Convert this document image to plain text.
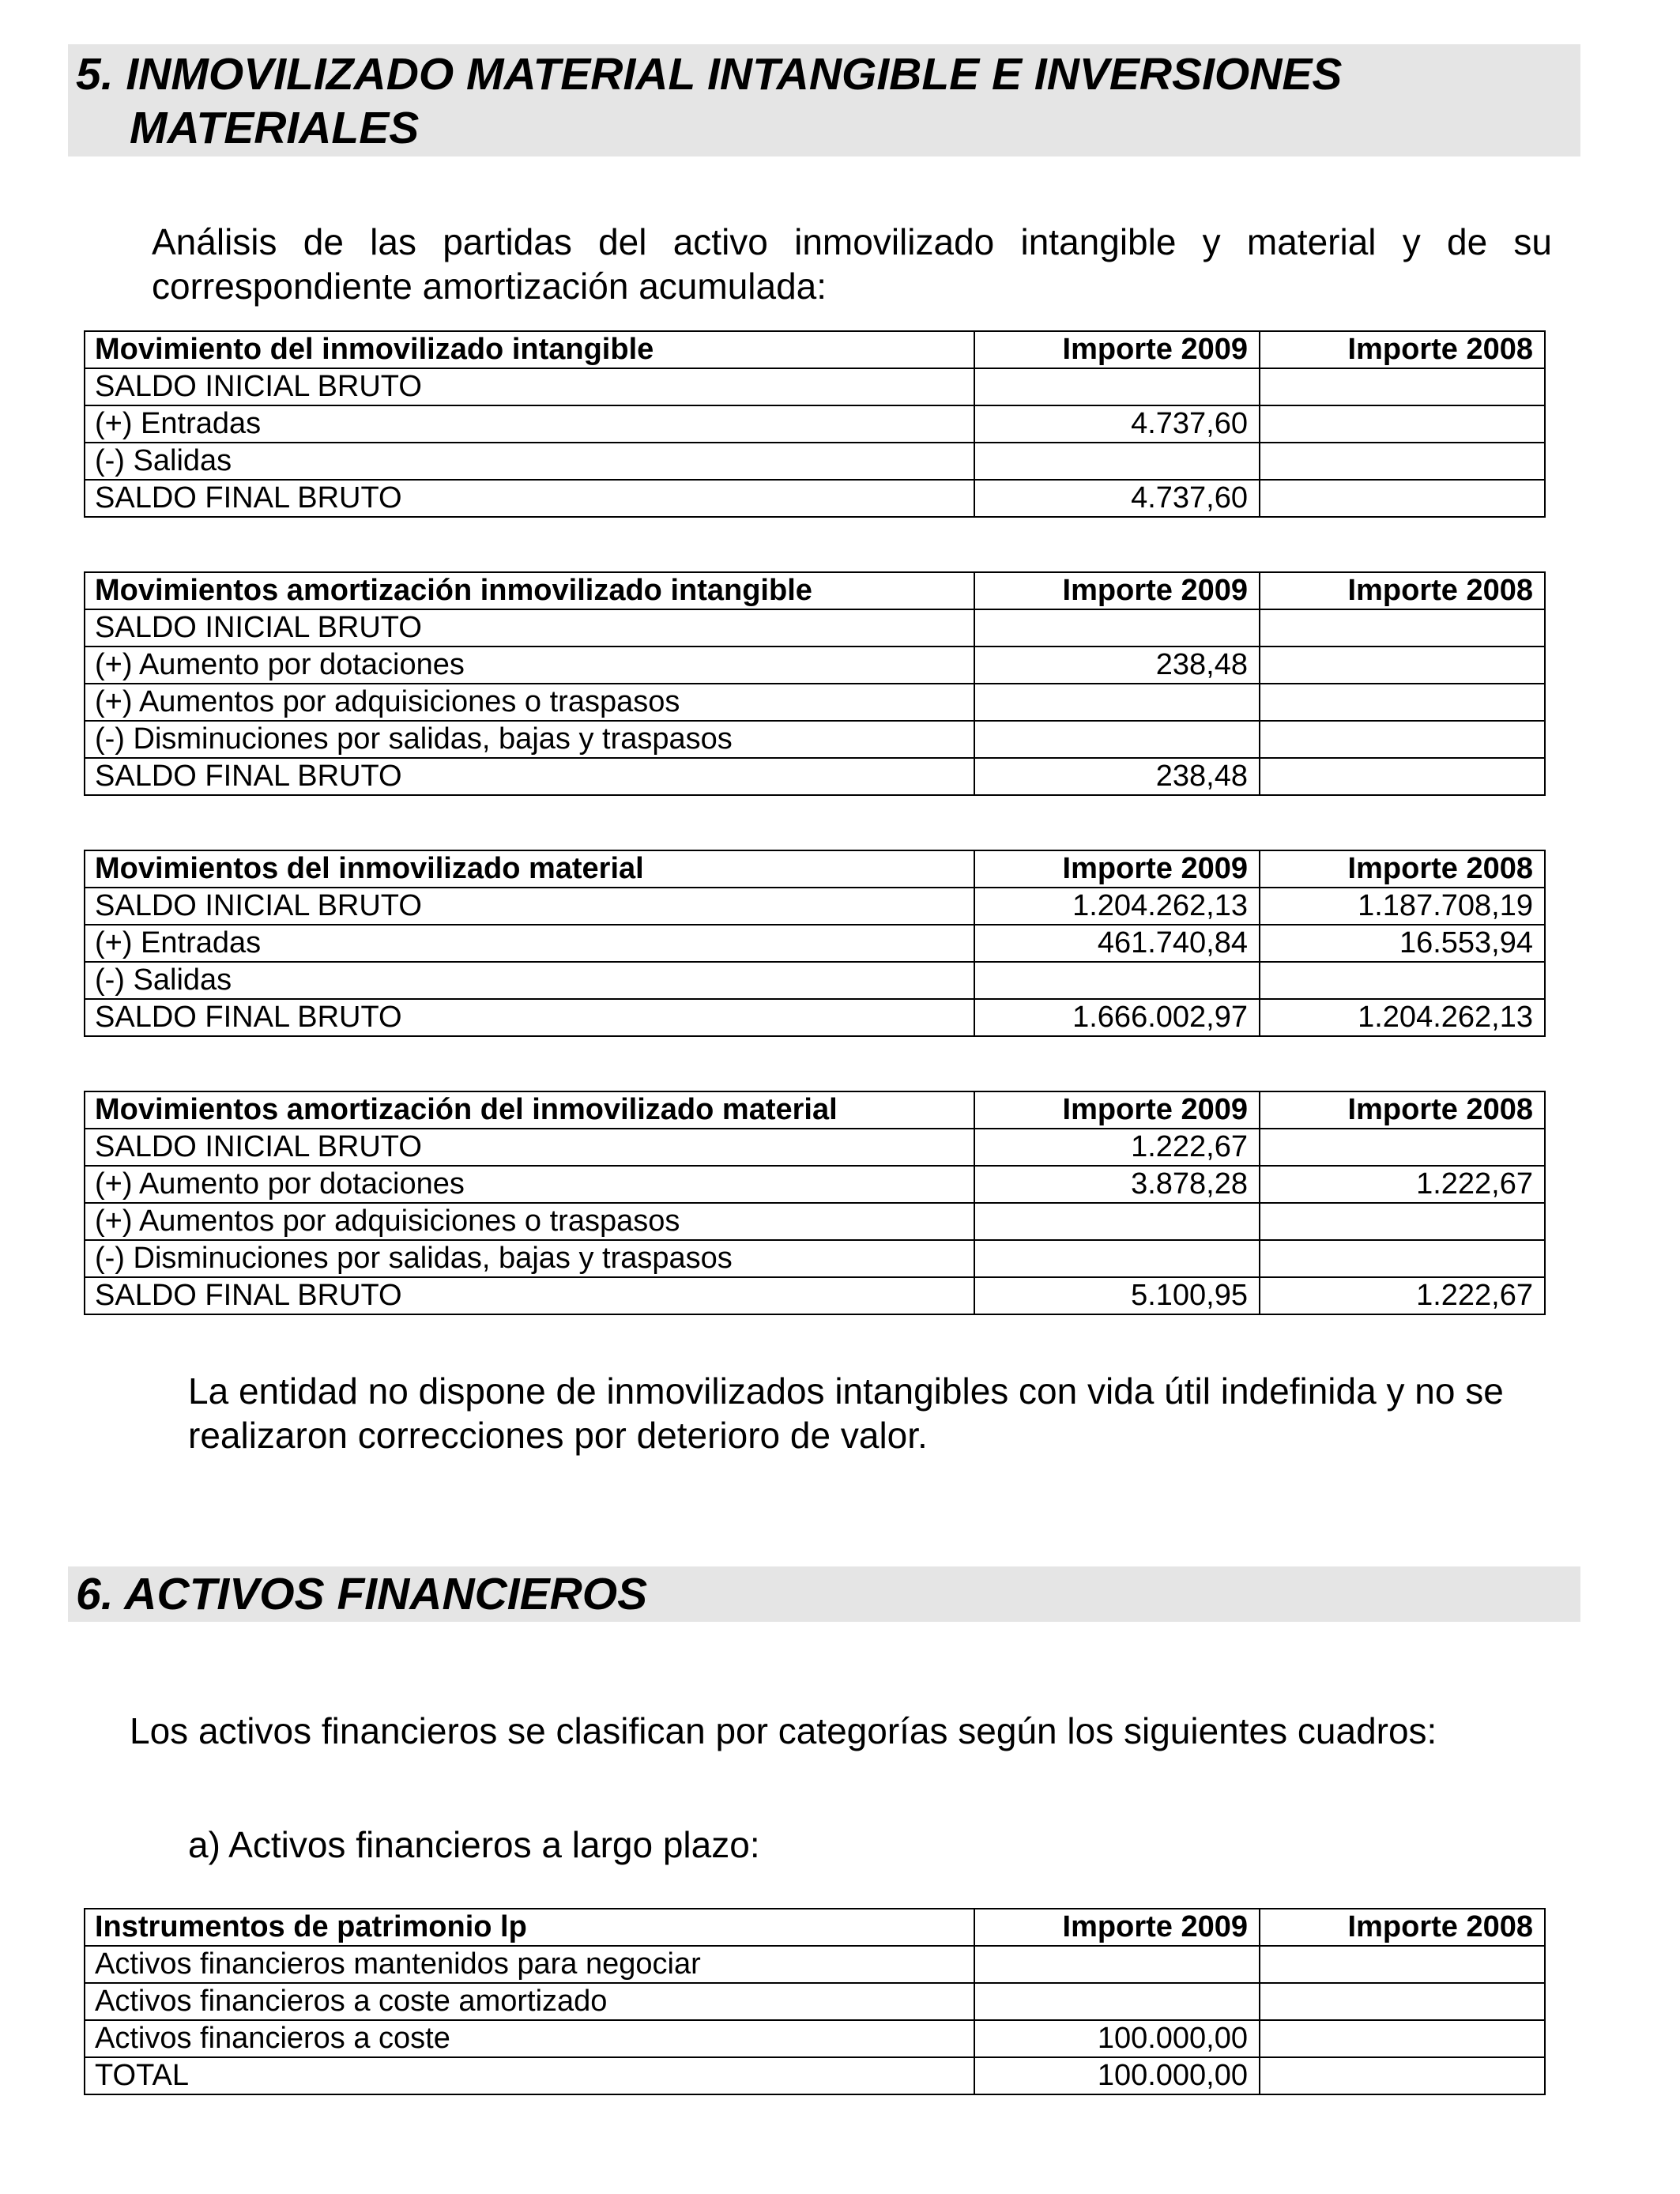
5. INMOVILIZADO MATERIAL INTANGIBLE E INVERSIONES
MATERIALES

Análisis de las partidas del activo inmovilizado intangible y material y de su correspondiente amortización acumulada:

Movimiento del inmovilizado intangible	Importe 2009	Importe 2008
SALDO INICIAL BRUTO		
(+) Entradas	4.737,60	
(-) Salidas		
SALDO FINAL BRUTO	4.737,60	
Movimientos amortización inmovilizado intangible	Importe 2009	Importe 2008
SALDO INICIAL BRUTO		
(+) Aumento por dotaciones	238,48	
(+) Aumentos por adquisiciones o traspasos		
(-) Disminuciones por salidas, bajas y traspasos		
SALDO FINAL BRUTO	238,48	
Movimientos del inmovilizado material	Importe 2009	Importe 2008
SALDO INICIAL BRUTO	1.204.262,13	1.187.708,19
(+) Entradas	461.740,84	16.553,94
(-) Salidas		
SALDO FINAL BRUTO	1.666.002,97	1.204.262,13
Movimientos amortización del inmovilizado material	Importe 2009	Importe 2008
SALDO INICIAL BRUTO	1.222,67	
(+) Aumento por dotaciones	3.878,28	1.222,67
(+) Aumentos por adquisiciones o traspasos		
(-) Disminuciones por salidas, bajas y traspasos		
SALDO FINAL BRUTO	5.100,95	1.222,67

La entidad no dispone de inmovilizados intangibles con vida útil indefinida y no se realizaron correcciones por deterioro de valor.

6. ACTIVOS FINANCIEROS

Los activos financieros se clasifican por categorías según los siguientes cuadros:

a) Activos financieros a largo plazo:

Instrumentos de patrimonio lp	Importe 2009	Importe 2008
Activos financieros mantenidos para negociar		
Activos financieros a coste amortizado		
Activos financieros a coste	100.000,00	
TOTAL	100.000,00	
